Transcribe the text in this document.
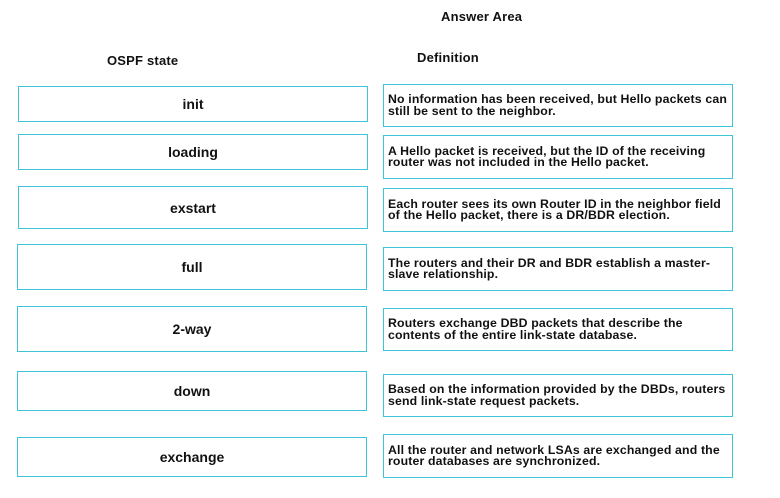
Answer Area
OSPF state	Definition
init
loading
exstart
full
2-way
down
exchange
No information has been received, but Hello packets can still be sent to the neighbor.
A Hello packet is received, but the ID of the receiving router was not included in the Hello packet.
Each router sees its own Router ID in the neighbor field of the Hello packet, there is a DR/BDR election.
The routers and their DR and BDR establish a master-slave relationship.
Routers exchange DBD packets that describe the contents of the entire link-state database.
Based on the information provided by the DBDs, routers send link-state request packets.
All the router and network LSAs are exchanged and the router databases are synchronized.
